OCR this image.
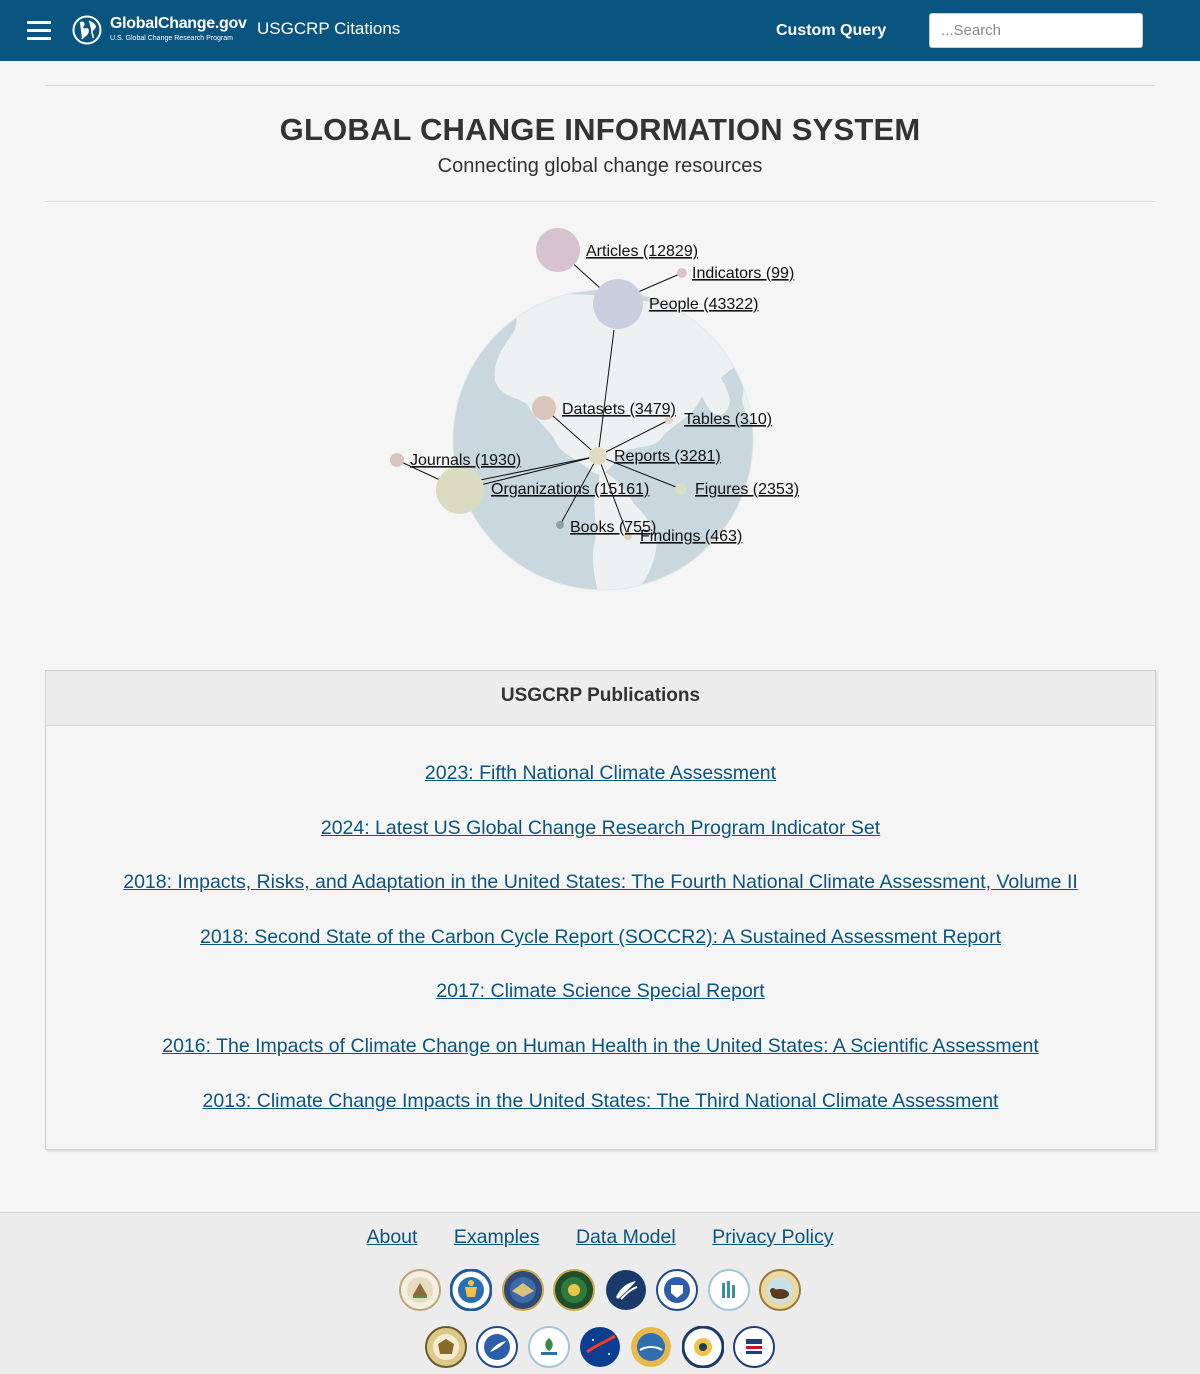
GlobalChange.gov
U.S. Global Change Research Program
USGCRP Citations	Custom Query
...Search
GLOBAL CHANGE INFORMATION SYSTEM
Connecting global change resources
Articles (12829)
Indicators (99)
People (43322)
Datasets (3479)
Tables (310)
Journals (1930)	Reports (3281)
Organizations (15161)	Figures (2353)
Books (755)
Findings (463)
USGCRP Publications
2023: Fifth National Climate Assessment
2024: Latest US Global Change Research Program Indicator Set
2018: Impacts, Risks, and Adaptation in the United States: The Fourth National Climate Assessment, Volume II
2018: Second State of the Carbon Cycle Report (SOCCR2): A Sustained Assessment Report
2017: Climate Science Special Report
2016: The Impacts of Climate Change on Human Health in the United States: A Scientific Assessment
2013: Climate Change Impacts in the United States: The Third National Climate Assessment
About Examples Data Model Privacy Policy
